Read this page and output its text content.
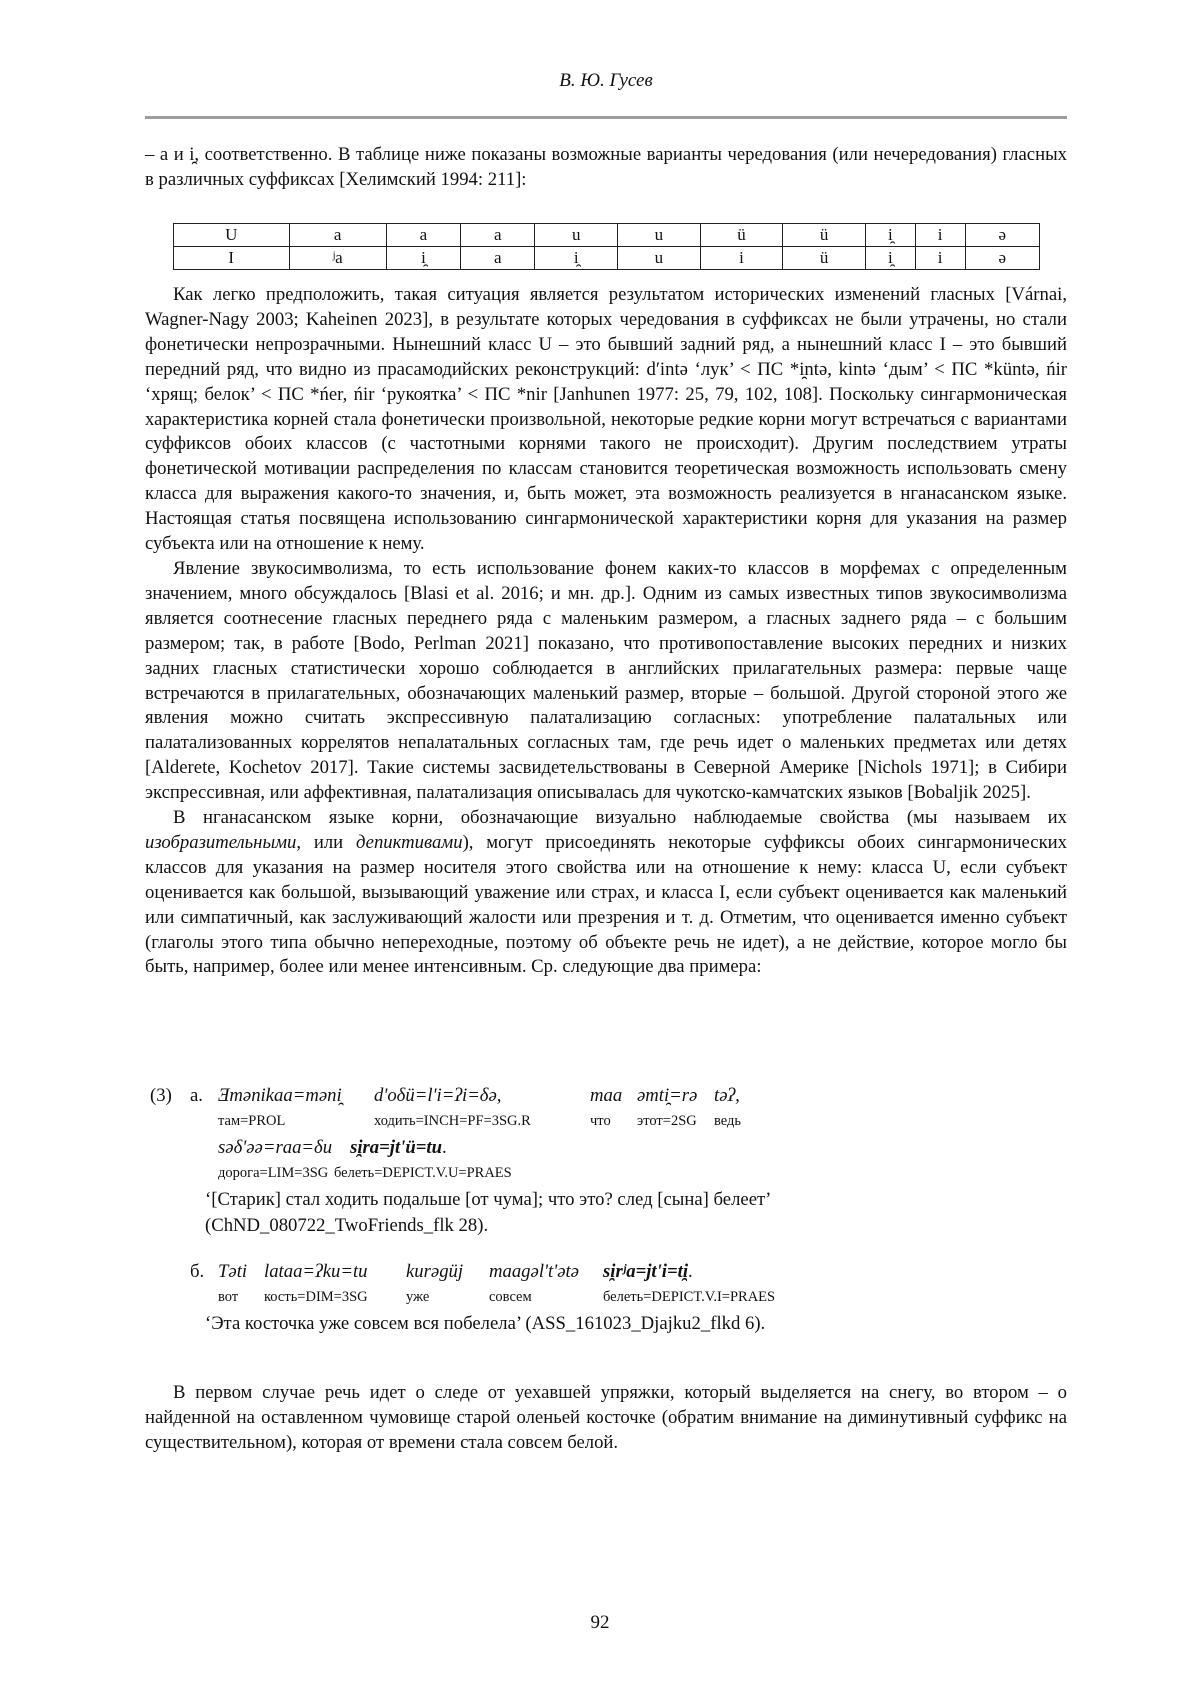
В. Ю. Гусев

– a и i̯, соответственно. В таблице ниже показаны возможные варианты чередования (или нечередования) гласных в различных суффиксах [Хелимский 1994: 211]:

U	a	a	a	u	u	ü	ü	i̯	i	ə
I	ʲa	i̯	a	i̯	u	i	ü	i̯	i	ə

Как легко предположить, такая ситуация является результатом исторических изменений гласных [Várnai, Wagner-Nagy 2003; Kaheinen 2023], в результате которых чередования в суффиксах не были утрачены, но стали фонетически непрозрачными. Нынешний класс U – это бывший задний ряд, а нынешний класс I – это бывший передний ряд, что видно из прасамодийских реконструкций: dʹintə ‘лук’ < ПС *i̯ntə, kintə ‘дым’ < ПС *küntə, ńir ‘хрящ; белок’ < ПС *ńer, ńir ‘рукоятка’ < ПС *nir [Janhunen 1977: 25, 79, 102, 108]. Поскольку сингармоническая характеристика корней стала фонетически произвольной, некоторые редкие корни могут встречаться с вариантами суффиксов обоих классов (с частотными корнями такого не происходит). Другим последствием утраты фонетической мотивации распределения по классам становится теоретическая возможность использовать смену класса для выражения какого-то значения, и, быть может, эта возможность реализуется в нганасанском языке. Настоящая статья посвящена использованию сингармонической характеристики корня для указания на размер субъекта или на отношение к нему.

Явление звукосимволизма, то есть использование фонем каких-то классов в морфемах с определенным значением, много обсуждалось [Blasi et al. 2016; и мн. др.]. Одним из самых известных типов звукосимволизма является соотнесение гласных переднего ряда с маленьким размером, а гласных заднего ряда – с большим размером; так, в работе [Bodo, Perlman 2021] показано, что противопоставление высоких передних и низких задних гласных статистически хорошо соблюдается в английских прилагательных размера: первые чаще встречаются в прилагательных, обозначающих маленький размер, вторые – большой. Другой стороной этого же явления можно считать экспрессивную палатализацию согласных: употребление палатальных или палатализованных коррелятов непалатальных согласных там, где речь идет о маленьких предметах или детях [Alderete, Kochetov 2017]. Такие системы засвидетельствованы в Северной Америке [Nichols 1971]; в Сибири экспрессивная, или аффективная, палатализация описывалась для чукотско-камчатских языков [Bobaljik 2025].

В нганасанском языке корни, обозначающие визуально наблюдаемые свойства (мы называем их изобразительными, или депиктивами), могут присоединять некоторые суффиксы обоих сингармонических классов для указания на размер носителя этого свойства или на отношение к нему: класса U, если субъект оценивается как большой, вызывающий уважение или страх, и класса I, если субъект оценивается как маленький или симпатичный, как заслуживающий жалости или презрения и т. д. Отметим, что оценивается именно субъект (глаголы этого типа обычно непереходные, поэтому об объекте речь не идет), а не действие, которое могло бы быть, например, более или менее интенсивным. Ср. следующие два примера:

(3) а. Ǝmənikaa=məni̯ dʹoδü=lʹi=ʔi=δə,	maa əmti̯=rə təʔ,
там=PROL	ходить=INCH=PF=3SG.R	что этот=2SG ведь
səδʹəə=raa=δu si̯ra=jtʹü=tu.
дорога=LIM=3SG белеть=DEPICT.V.U=PRAES
‘[Старик] стал ходить подальше [от чума]; что это? след [сына] белеет’
(ChND_080722_TwoFriends_flk 28).
б. Təti lataa=ʔku=tu kurəgüj maagəlʹtʹətə si̯rʲa=jtʹi=ti̯.
вот кость=DIM=3SG	уже	совсем	белеть=DEPICT.V.I=PRAES
‘Эта косточка уже совсем вся побелела’ (ASS_161023_Djajku2_flkd 6).

В первом случае речь идет о следе от уехавшей упряжки, который выделяется на снегу, во втором – о найденной на оставленном чумовище старой оленьей косточке (обратим внимание на диминутивный суффикс на существительном), которая от времени стала совсем белой.

92
